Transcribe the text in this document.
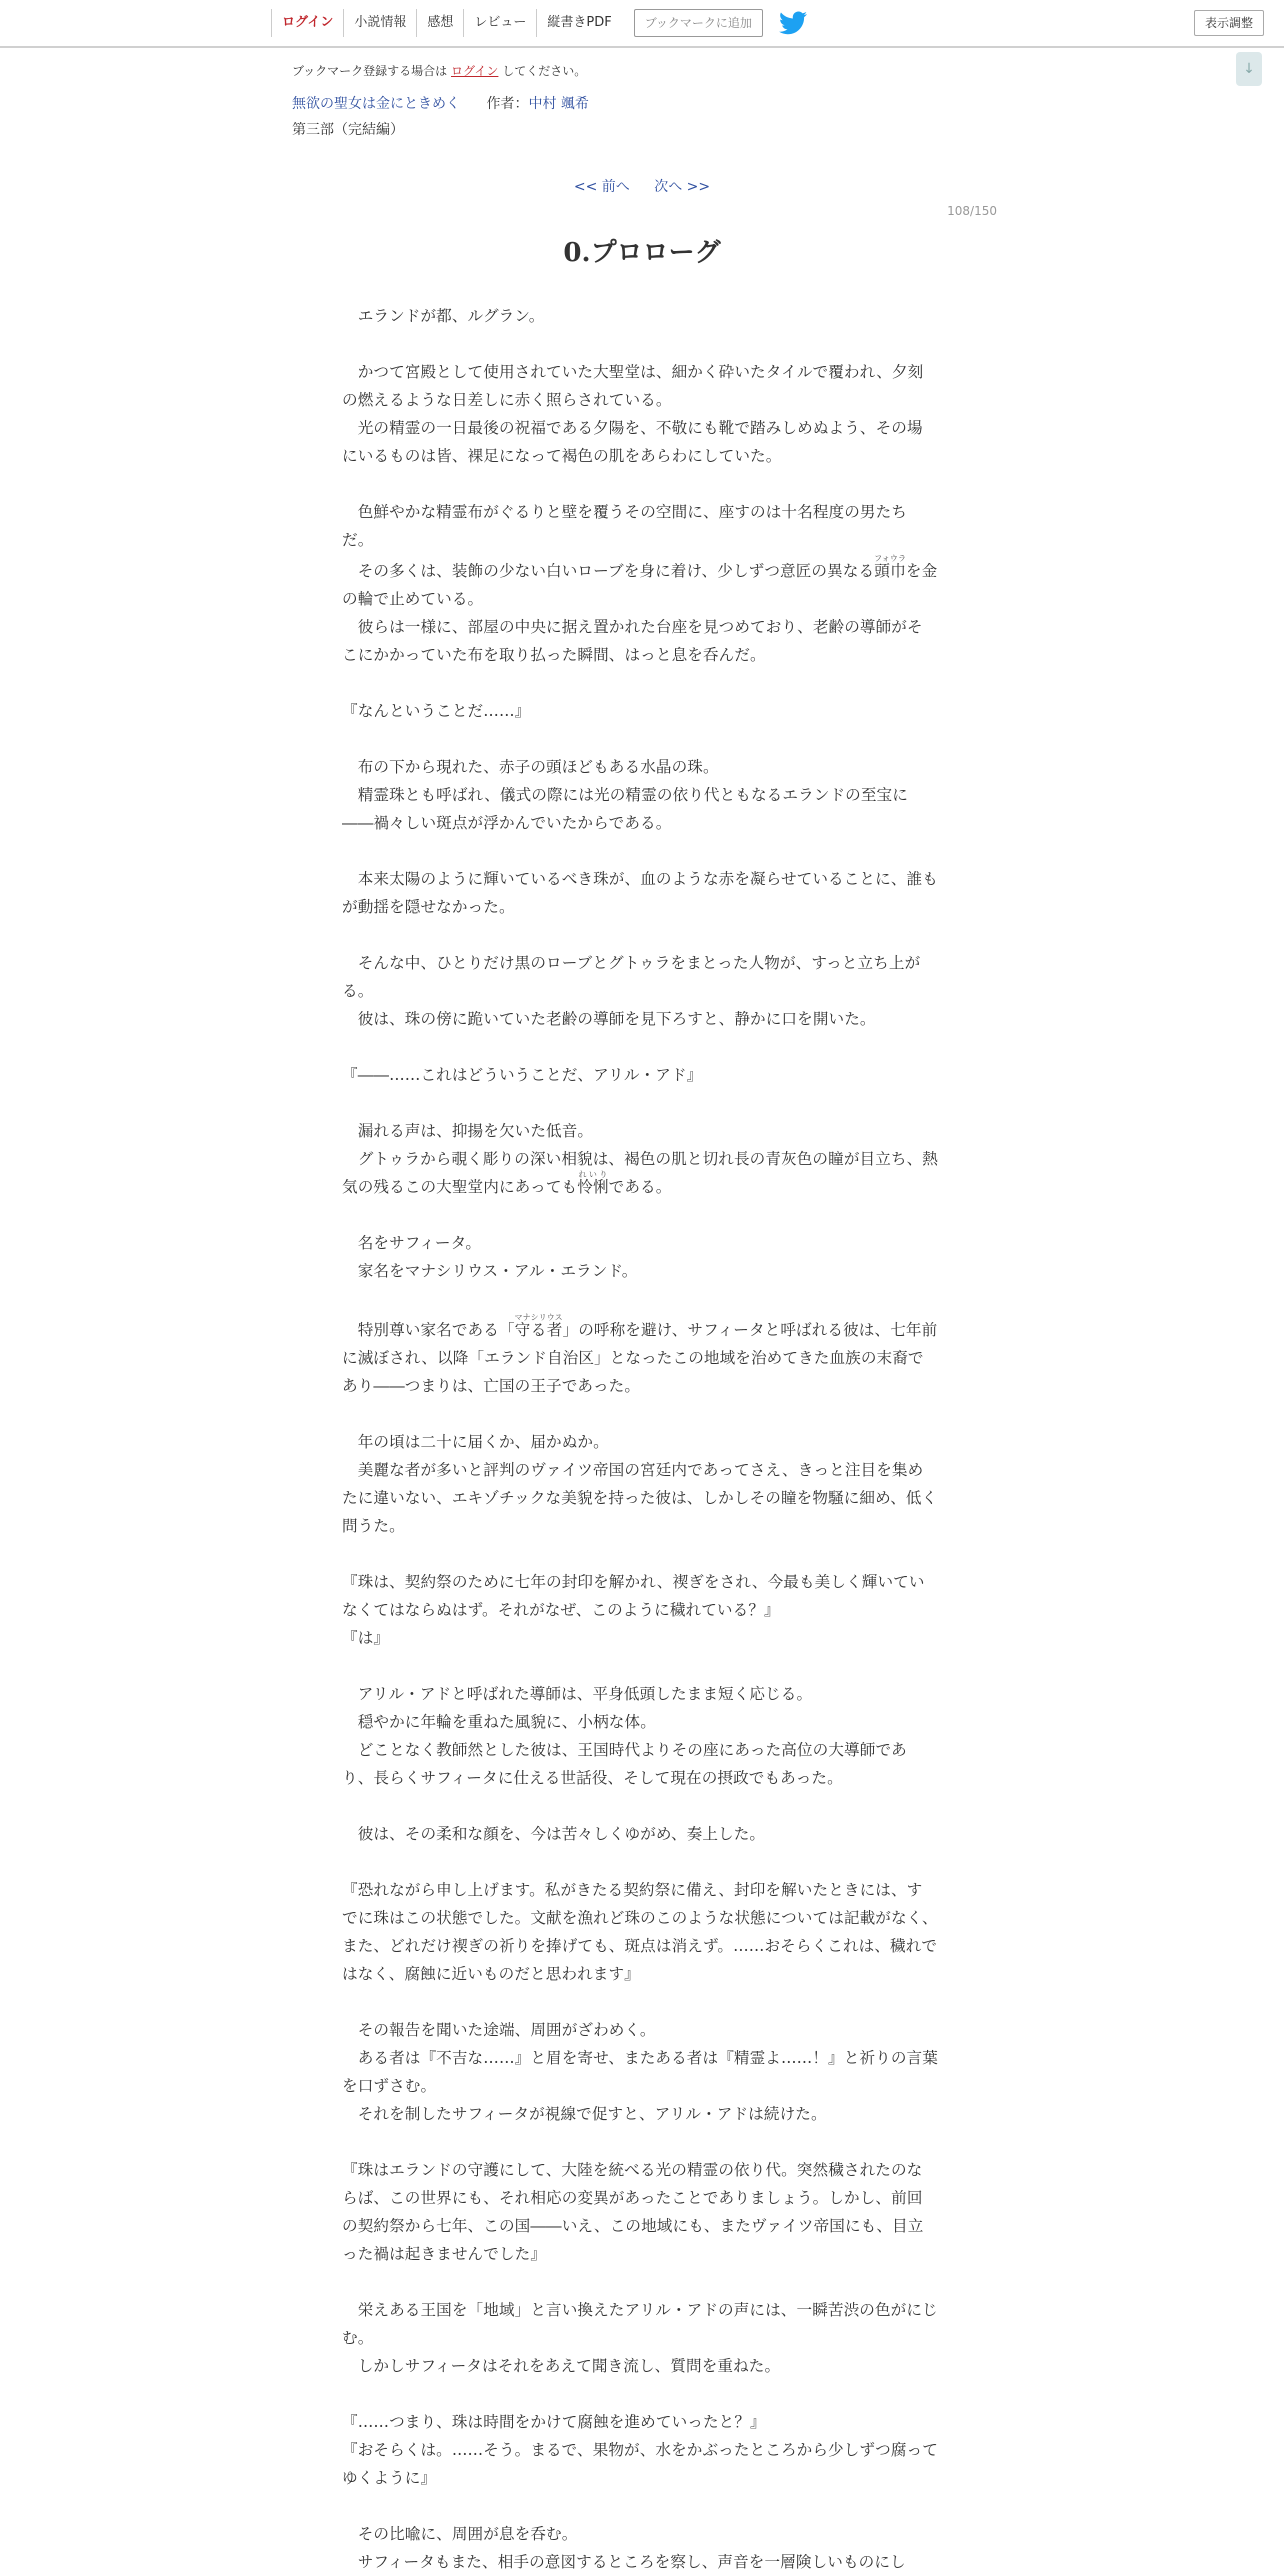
ログイン	小説情報	感想	レビュー	縦書きPDF	ブックマークに追加	表示調整
↓
ブックマーク登録する場合は ログイン してください。
無欲の聖女は金にときめく 作者：中村 颯希
第三部（完結編）
<< 前へ 次へ >>
108/150
0.プロローグ

　エランドが都、ルグラン。

　かつて宮殿として使用されていた大聖堂は、細かく砕いたタイルで覆われ、夕刻の燃えるような日差しに赤く照らされている。

　光の精霊の一日最後の祝福である夕陽を、不敬にも靴で踏みしめぬよう、その場にいるものは皆、裸足になって褐色の肌をあらわにしていた。

　色鮮やかな精霊布がぐるりと壁を覆うその空間に、座すのは十名程度の男たちだ。

　その多くは、装飾の少ない白いローブを身に着け、少しずつ意匠の異なる頭巾フォウラを金の輪で止めている。

　彼らは一様に、部屋の中央に据え置かれた台座を見つめており、老齢の導師がそこにかかっていた布を取り払った瞬間、はっと息を呑んだ。

『なんということだ……』

　布の下から現れた、赤子の頭ほどもある水晶の珠。

　精霊珠とも呼ばれ、儀式の際には光の精霊の依り代ともなるエランドの至宝に――禍々しい斑点が浮かんでいたからである。

　本来太陽のように輝いているべき珠が、血のような赤を凝らせていることに、誰もが動揺を隠せなかった。

　そんな中、ひとりだけ黒のローブとグトゥラをまとった人物が、すっと立ち上がる。

　彼は、珠の傍に跪いていた老齢の導師を見下ろすと、静かに口を開いた。

『――……これはどういうことだ、アリル・アド』

　漏れる声は、抑揚を欠いた低音。

　グトゥラから覗く彫りの深い相貌は、褐色の肌と切れ長の青灰色の瞳が目立ち、熱気の残るこの大聖堂内にあっても怜悧れいりである。

　名をサフィータ。

　家名をマナシリウス・アル・エランド。

　特別尊い家名である「守る者マナシリウス」の呼称を避け、サフィータと呼ばれる彼は、七年前に滅ぼされ、以降「エランド自治区」となったこの地域を治めてきた血族の末裔であり――つまりは、亡国の王子であった。

　年の頃は二十に届くか、届かぬか。

　美麗な者が多いと評判のヴァイツ帝国の宮廷内であってさえ、きっと注目を集めたに違いない、エキゾチックな美貌を持った彼は、しかしその瞳を物騒に細め、低く問うた。

『珠は、契約祭のために七年の封印を解かれ、禊ぎをされ、今最も美しく輝いていなくてはならぬはず。それがなぜ、このように穢れている？』

『は』

　アリル・アドと呼ばれた導師は、平身低頭したまま短く応じる。

　穏やかに年輪を重ねた風貌に、小柄な体。

　どことなく教師然とした彼は、王国時代よりその座にあった高位の大導師であり、長らくサフィータに仕える世話役、そして現在の摂政でもあった。

　彼は、その柔和な顔を、今は苦々しくゆがめ、奏上した。

『恐れながら申し上げます。私がきたる契約祭に備え、封印を解いたときには、すでに珠はこの状態でした。文献を漁れど珠のこのような状態については記載がなく、また、どれだけ禊ぎの祈りを捧げても、斑点は消えず。……おそらくこれは、穢れではなく、腐蝕に近いものだと思われます』

　その報告を聞いた途端、周囲がざわめく。

　ある者は『不吉な……』と眉を寄せ、またある者は『精霊よ……！』と祈りの言葉を口ずさむ。

　それを制したサフィータが視線で促すと、アリル・アドは続けた。

『珠はエランドの守護にして、大陸を統べる光の精霊の依り代。突然穢されたのならば、この世界にも、それ相応の変異があったことでありましょう。しかし、前回の契約祭から七年、この国――いえ、この地域にも、またヴァイツ帝国にも、目立った禍は起きませんでした』

　栄えある王国を「地域」と言い換えたアリル・アドの声には、一瞬苦渋の色がにじむ。

　しかしサフィータはそれをあえて聞き流し、質問を重ねた。

『……つまり、珠は時間をかけて腐蝕を進めていったと？』

『おそらくは。……そう。まるで、果物が、水をかぶったところから少しずつ腐ってゆくように』

　その比喩に、周囲が息を呑む。

　サフィータもまた、相手の意図するところを察し、声音を一層険しいものにし
